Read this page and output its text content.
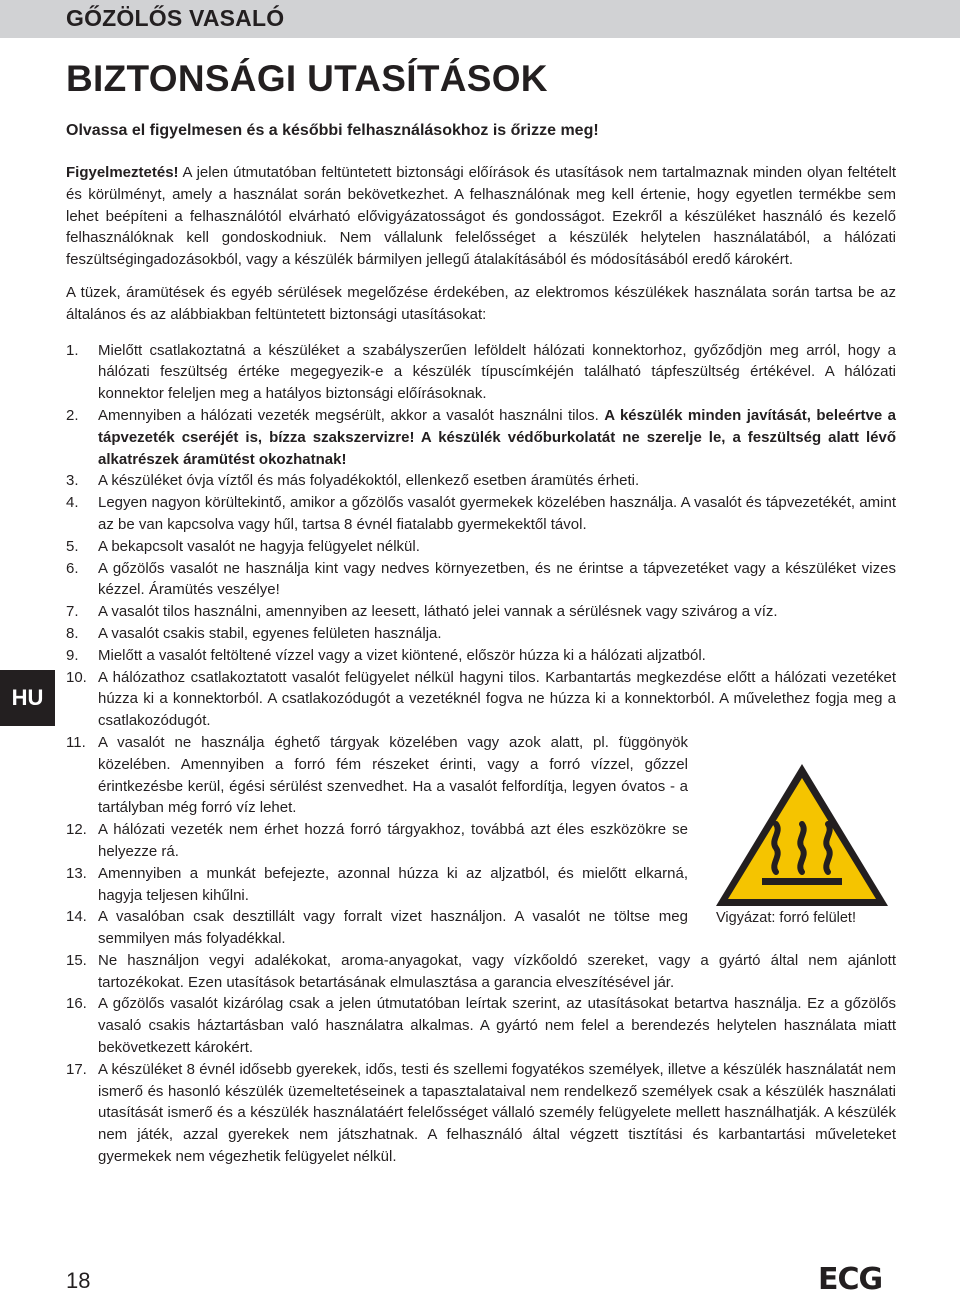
GŐZÖLŐS VASALÓ
BIZTONSÁGI UTASÍTÁSOK

Olvassa el figyelmesen és a későbbi felhasználásokhoz is őrizze meg!

Figyelmeztetés! A jelen útmutatóban feltüntetett biztonsági előírások és utasítások nem tartalmaznak minden olyan feltételt és körülményt, amely a használat során bekövetkezhet. A felhasználónak meg kell értenie, hogy egyetlen termékbe sem lehet beépíteni a felhasználótól elvárható elővigyázatosságot és gondosságot. Ezekről a készüléket használó és kezelő felhasználóknak kell gondoskodniuk. Nem vállalunk felelősséget a készülék helytelen használatából, a hálózati feszültségingadozásokból, vagy a készülék bármilyen jellegű átalakításából és módosításából eredő károkért.

A tüzek, áramütések és egyéb sérülések megelőzése érdekében, az elektromos készülékek használata során tartsa be az általános és az alábbiakban feltüntetett biztonsági utasításokat:

1. Mielőtt csatlakoztatná a készüléket a szabályszerűen leföldelt hálózati konnektorhoz, győződjön meg arról, hogy a hálózati feszültség értéke megegyezik-e a készülék típuscímkéjén található tápfeszültség értékével. A hálózati konnektor feleljen meg a hatályos biztonsági előírásoknak.
2. Amennyiben a hálózati vezeték megsérült, akkor a vasalót használni tilos. A készülék minden javítását, beleértve a tápvezeték cseréjét is, bízza szakszervizre! A készülék védőburkolatát ne szerelje le, a feszültség alatt lévő alkatrészek áramütést okozhatnak!
3. A készüléket óvja víztől és más folyadékoktól, ellenkező esetben áramütés érheti.
4. Legyen nagyon körültekintő, amikor a gőzölős vasalót gyermekek közelében használja. A vasalót és tápvezetékét, amint az be van kapcsolva vagy hűl, tartsa 8 évnél fiatalabb gyermekektől távol.
5. A bekapcsolt vasalót ne hagyja felügyelet nélkül.
6. A gőzölős vasalót ne használja kint vagy nedves környezetben, és ne érintse a tápvezetéket vagy a készüléket vizes kézzel. Áramütés veszélye!
7. A vasalót tilos használni, amennyiben az leesett, látható jelei vannak a sérülésnek vagy szivárog a víz.
8. A vasalót csakis stabil, egyenes felületen használja.
9. Mielőtt a vasalót feltöltené vízzel vagy a vizet kiöntené, először húzza ki a hálózati aljzatból.
10. A hálózathoz csatlakoztatott vasalót felügyelet nélkül hagyni tilos. Karbantartás megkezdése előtt a hálózati vezetéket húzza ki a konnektorból. A csatlakozódugót a vezetéknél fogva ne húzza ki a konnektorból. A művelethez fogja meg a csatlakozódugót.
11. A vasalót ne használja éghető tárgyak közelében vagy azok alatt, pl. függönyök közelében. Amennyiben a forró fém részeket érinti, vagy a forró vízzel, gőzzel érintkezésbe kerül, égési sérülést szenvedhet. Ha a vasalót felfordítja, legyen óvatos - a tartályban még forró víz lehet.
12. A hálózati vezeték nem érhet hozzá forró tárgyakhoz, továbbá azt éles eszközökre se helyezze rá.
13. Amennyiben a munkát befejezte, azonnal húzza ki az aljzatból, és mielőtt elkarná, hagyja teljesen kihűlni.
14. A vasalóban csak desztillált vagy forralt vizet használjon. A vasalót ne töltse meg semmilyen más folyadékkal.
15. Ne használjon vegyi adalékokat, aroma-anyagokat, vagy vízkőoldó szereket, vagy a gyártó által nem ajánlott tartozékokat. Ezen utasítások betartásának elmulasztása a garancia elveszítésével jár.
16. A gőzölős vasalót kizárólag csak a jelen útmutatóban leírtak szerint, az utasításokat betartva használja. Ez a gőzölős vasaló csakis háztartásban való használatra alkalmas. A gyártó nem felel a berendezés helytelen használata miatt bekövetkezett károkért.
17. A készüléket 8 évnél idősebb gyerekek, idős, testi és szellemi fogyatékos személyek, illetve a készülék használatát nem ismerő és hasonló készülék üzemeltetéseinek a tapasztalataival nem rendelkező személyek csak a készülék használati utasítását ismerő és a készülék használatáért felelősséget vállaló személy felügyelete mellett használhatják. A készülék nem játék, azzal gyerekek nem játszhatnak. A felhasználó által végzett tisztítási és karbantartási műveleteket gyermekek nem végezhetik felügyelet nélkül.
Vigyázat: forró felület!
HU
18	ECG
